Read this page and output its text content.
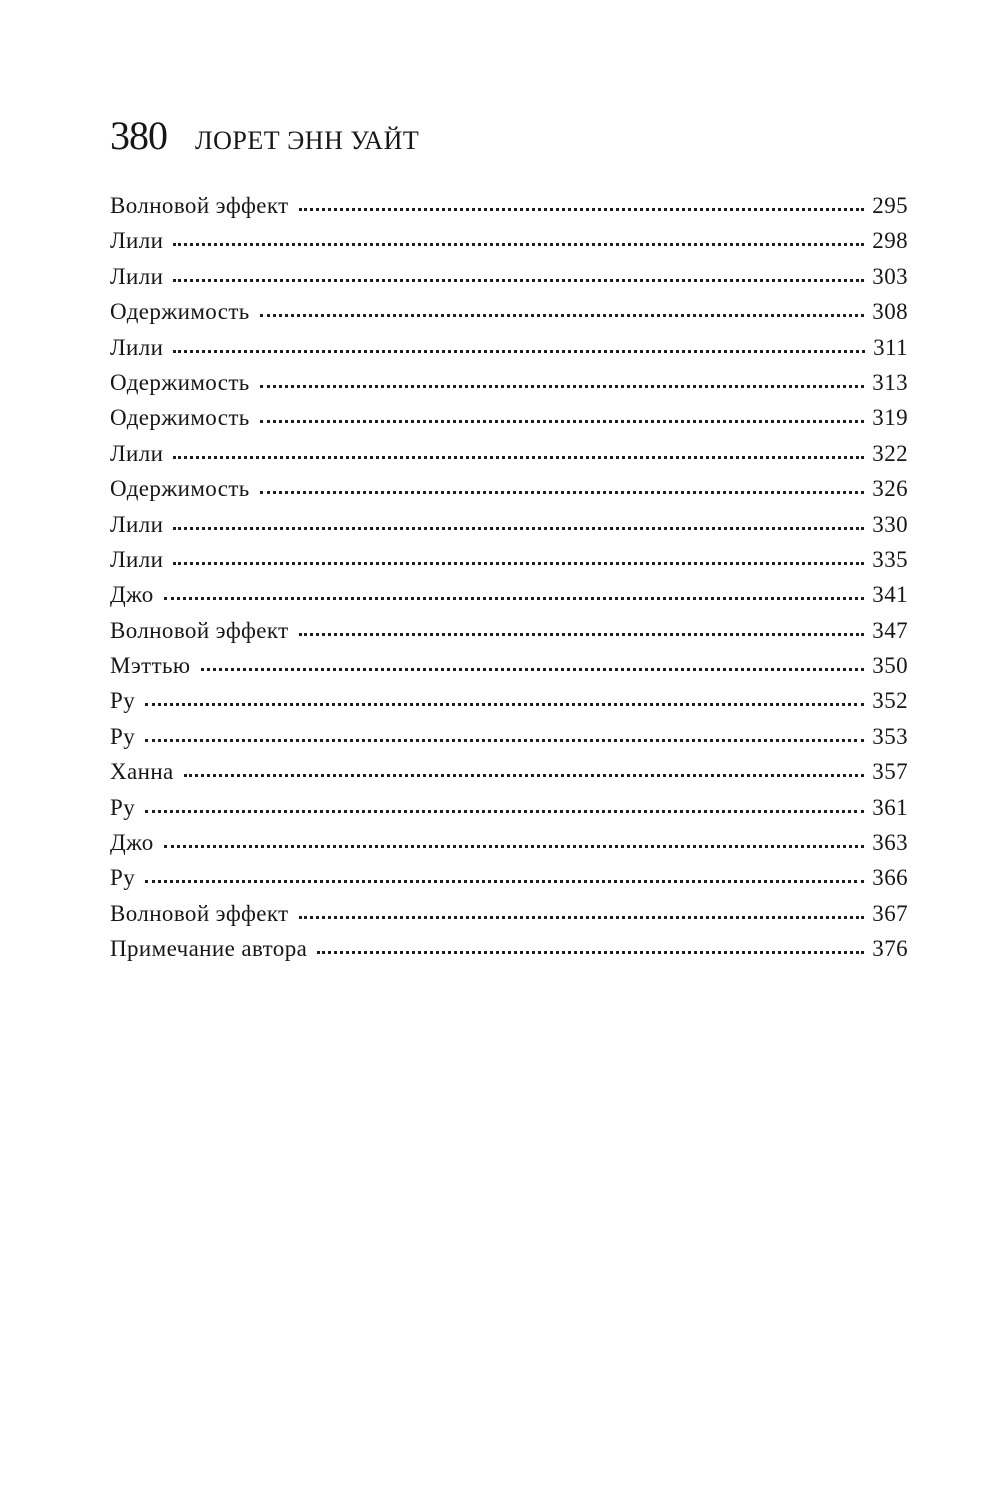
380 ЛОРЕТ ЭНН УАЙТ
Волновой эффект	295
Лили	298
Лили	303
Одержимость	308
Лили	311
Одержимость	313
Одержимость	319
Лили	322
Одержимость	326
Лили	330
Лили	335
Джо	341
Волновой эффект	347
Мэттью	350
Ру	352
Ру	353
Ханна	357
Ру	361
Джо	363
Ру	366
Волновой эффект	367
Примечание автора	376
